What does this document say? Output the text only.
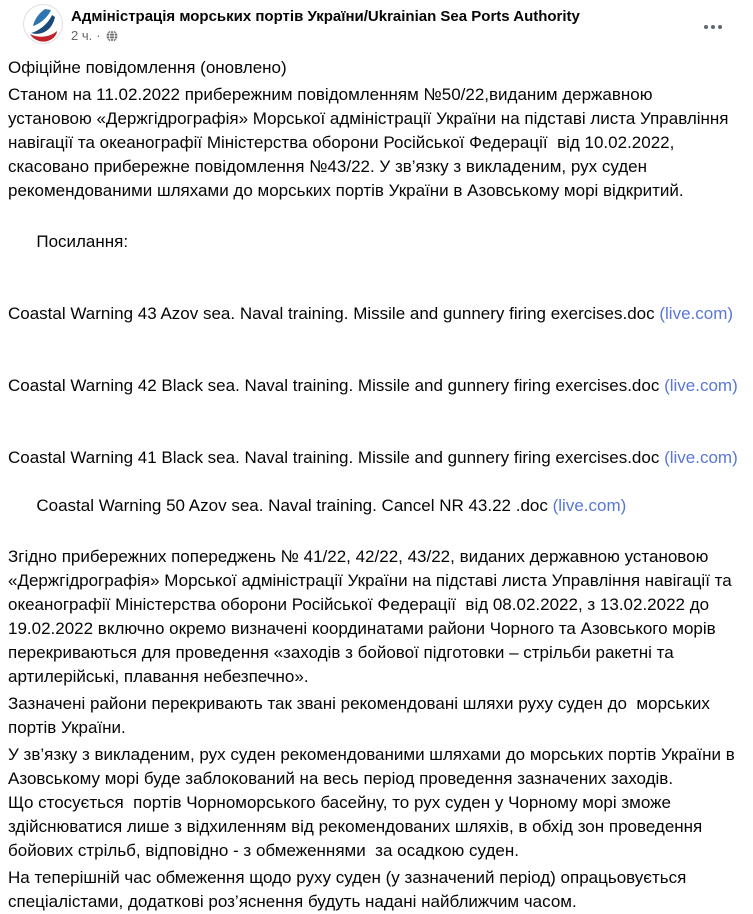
Адміністрація морських портів України/Ukrainian Sea Ports Authority
2 ч. ·

Офіційне повідомлення (оновлено)

Станом на 11.02.2022 прибережним повідомленням №50/22,виданим державною установою «Держгідрографія» Морської адміністрації України на підставі листа Управління навігації та океанографії Міністерства оборони Російської Федерації  від 10.02.2022, скасовано прибережне повідомлення №43/22. У зв’язку з викладеним, рух суден рекомендованими шляхами до морських портів України в Азовському морі відкритий.

Посилання:

Coastal Warning 43 Azov sea. Naval training. Missile and gunnery firing exercises.doc (live.com)

Coastal Warning 42 Black sea. Naval training. Missile and gunnery firing exercises.doc (live.com)

Coastal Warning 41 Black sea. Naval training. Missile and gunnery firing exercises.doc (live.com)

Coastal Warning 50 Azov sea. Naval training. Cancel NR 43.22 .doc (live.com)

Згідно прибережних попереджень № 41/22, 42/22, 43/22, виданих державною установою «Держгідрографія» Морської адміністрації України на підставі листа Управління навігації та океанографії Міністерства оборони Російської Федерації  від 08.02.2022, з 13.02.2022 до 19.02.2022 включно окремо визначені координатами райони Чорного та Азовського морів перекриваються для проведення «заходів з бойової підготовки – стрільби ракетні та артилерійські, плавання небезпечно».

Зазначені райони перекривають так звані рекомендовані шляхи руху суден до  морських портів України.

У зв’язку з викладеним, рух суден рекомендованими шляхами до морських портів України в Азовському морі буде заблокований на весь період проведення зазначених заходів.
Що стосується  портів Чорноморського басейну, то рух суден у Чорному морі зможе здійснюватися лише з відхиленням від рекомендованих шляхів, в обхід зон проведення бойових стрільб, відповідно - з обмеженнями  за осадкою суден.

На теперішній час обмеження щодо руху суден (у зазначений період) опрацьовується спеціалістами, додаткові роз’яснення будуть надані найближчим часом.
